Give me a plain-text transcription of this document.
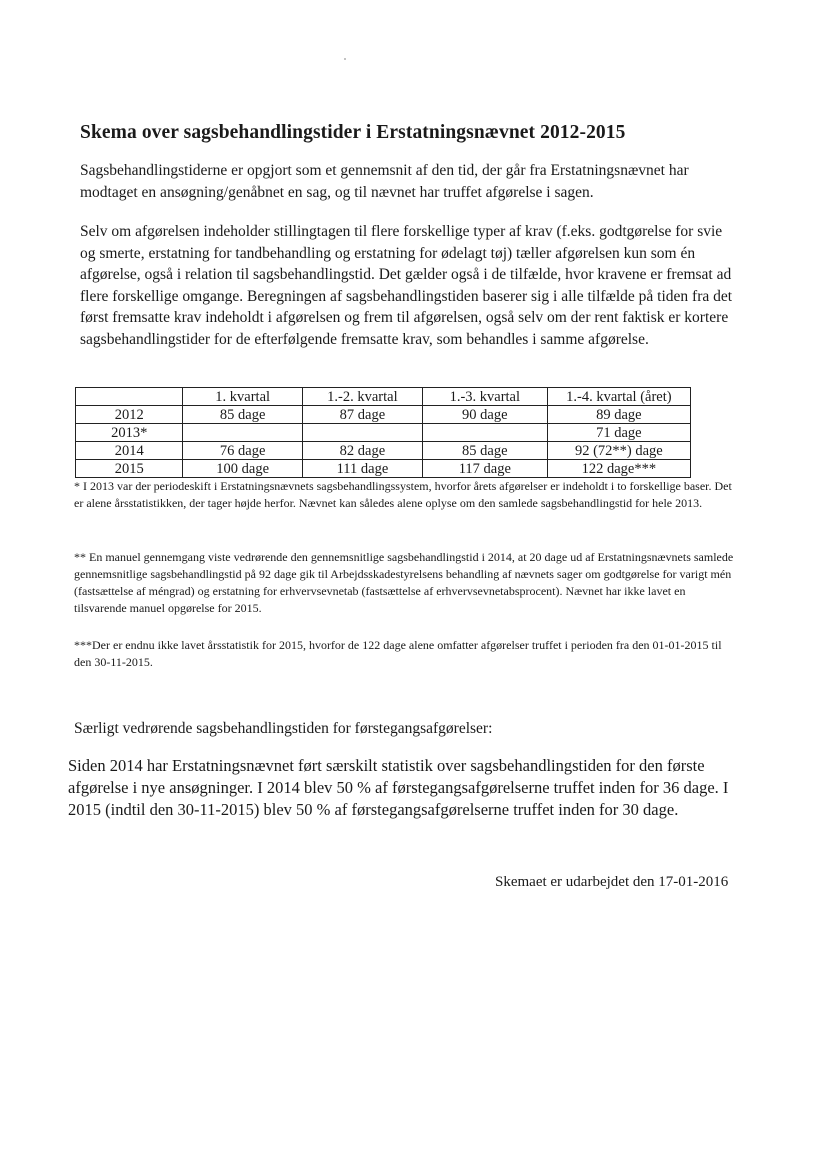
Skema over sagsbehandlingstider i Erstatningsnævnet 2012-2015

Sagsbehandlingstiderne er opgjort som et gennemsnit af den tid, der går fra Erstatningsnævnet har modtaget en ansøgning/genåbnet en sag, og til nævnet har truffet afgørelse i sagen.

Selv om afgørelsen indeholder stillingtagen til flere forskellige typer af krav (f.eks. godtgørelse for svie og smerte, erstatning for tandbehandling og erstatning for ødelagt tøj) tæller afgørelsen kun som én afgørelse, også i relation til sagsbehandlingstid. Det gælder også i de tilfælde, hvor kravene er fremsat ad flere forskellige omgange. Beregningen af sagsbehandlingstiden baserer sig i alle tilfælde på tiden fra det først fremsatte krav indeholdt i afgørelsen og frem til afgørelsen, også selv om der rent faktisk er kortere sagsbehandlingstider for de efterfølgende fremsatte krav, som behandles i samme afgørelse.

	1. kvartal	1.-2. kvartal	1.-3. kvartal	1.-4. kvartal (året)
2012	85 dage	87 dage	90 dage	89 dage
2013*				71 dage
2014	76 dage	82 dage	85 dage	92 (72**) dage
2015	100 dage	111 dage	117 dage	122 dage***

* I 2013 var der periodeskift i Erstatningsnævnets sagsbehandlingssystem, hvorfor årets afgørelser er indeholdt i to forskellige baser. Det er alene årsstatistikken, der tager højde herfor. Nævnet kan således alene oplyse om den samlede sagsbehandlingstid for hele 2013.

** En manuel gennemgang viste vedrørende den gennemsnitlige sagsbehandlingstid i 2014, at 20 dage ud af Erstatningsnævnets samlede gennemsnitlige sagsbehandlingstid på 92 dage gik til Arbejdsskadestyrelsens behandling af nævnets sager om godtgørelse for varigt mén (fastsættelse af méngrad) og erstatning for erhvervsevnetab (fastsættelse af erhvervsevnetabsprocent). Nævnet har ikke lavet en tilsvarende manuel opgørelse for 2015.

***Der er endnu ikke lavet årsstatistik for 2015, hvorfor de 122 dage alene omfatter afgørelser truffet i perioden fra den 01-01-2015 til den 30-11-2015.

Særligt vedrørende sagsbehandlingstiden for førstegangsafgørelser:

Siden 2014 har Erstatningsnævnet ført særskilt statistik over sagsbehandlingstiden for den første afgørelse i nye ansøgninger. I 2014 blev 50 % af førstegangsafgørelserne truffet inden for 36 dage. I 2015 (indtil den 30-11-2015) blev 50 % af førstegangsafgørelserne truffet inden for 30 dage.

Skemaet er udarbejdet den 17-01-2016
